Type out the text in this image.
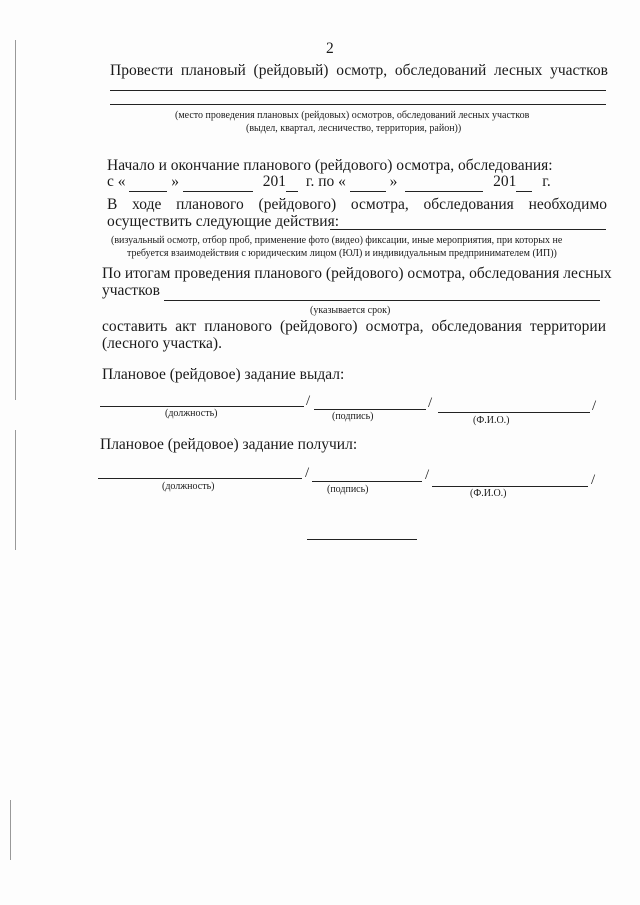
2
Провести плановый (рейдовый) осмотр, обследований лесных участков
(место проведения плановых (рейдовых) осмотров, обследований лесных участков
(выдел, квартал, лесничество, территория, район))
Начало и окончание планового (рейдового) осмотра, обследования:
с «	»	201 г. по «	»	201 г.
В ходе планового (рейдового) осмотра, обследования необходимо
осуществить следующие действия:
(визуальный осмотр, отбор проб, применение фото (видео) фиксации, иные мероприятия, при которых не
требуется взаимодействия с юридическим лицом (ЮЛ) и индивидуальным предпринимателем (ИП))
По итогам проведения планового (рейдового) осмотра, обследования лесных
участков
(указывается срок)
составить акт планового (рейдового) осмотра, обследования территории
(лесного участка).
Плановое (рейдовое) задание выдал:
/	/	/
(должность)	(подпись)	(Ф.И.О.)
Плановое (рейдовое) задание получил:
/	/	/
(должность)	(подпись)	(Ф.И.О.)
